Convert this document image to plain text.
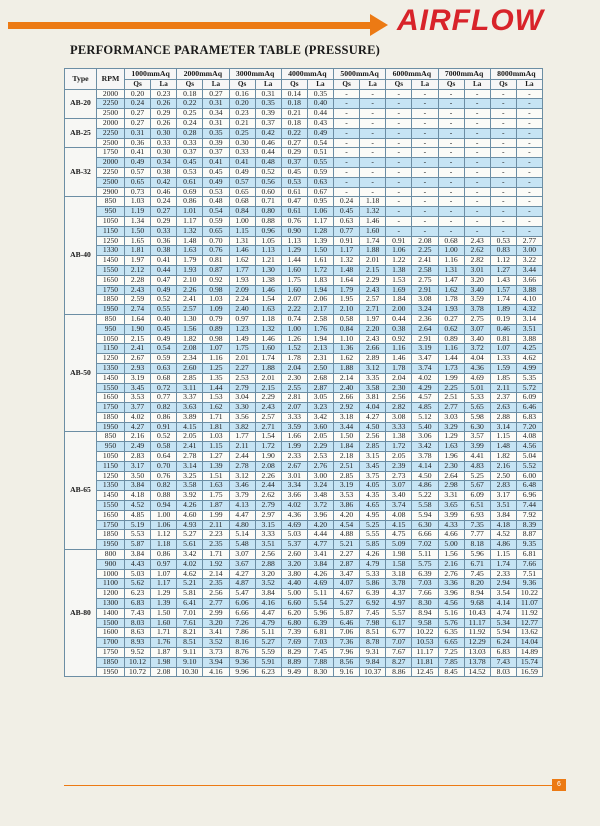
AIRFLOW
PERFORMANCE PARAMETER TABLE (PRESSURE)
Type	RPM	1000mmAq		2000mmAq		3000mmAq		4000mmAq		5000mmAq		6000mmAq		7000mmAq		8000mmAq	
		Qs	La	Qs	La	Qs	La	Qs	La	Qs	La	Qs	La	Qs	La	Qs	La
AB-20	2000	0.20	0.23	0.18	0.27	0.16	0.31	0.14	0.35	-	-	-	-	-	-	-	-
	2250	0.24	0.26	0.22	0.31	0.20	0.35	0.18	0.40	-	-	-	-	-	-	-	-
	2500	0.27	0.29	0.25	0.34	0.23	0.39	0.21	0.44	-	-	-	-	-	-	-	-
AB-25	2000	0.27	0.26	0.24	0.31	0.21	0.37	0.18	0.43	-	-	-	-	-	-	-	-
	2250	0.31	0.30	0.28	0.35	0.25	0.42	0.22	0.49	-	-	-	-	-	-	-	-
	2500	0.36	0.33	0.33	0.39	0.30	0.46	0.27	0.54	-	-	-	-	-	-	-	-
AB-32	1750	0.41	0.30	0.37	0.37	0.33	0.44	0.29	0.51	-	-	-	-	-	-	-	-
	2000	0.49	0.34	0.45	0.41	0.41	0.48	0.37	0.55	-	-	-	-	-	-	-	-
	2250	0.57	0.38	0.53	0.45	0.49	0.52	0.45	0.59	-	-	-	-	-	-	-	-
	2500	0.65	0.42	0.61	0.49	0.57	0.56	0.53	0.63	-	-	-	-	-	-	-	-
	2900	0.73	0.46	0.69	0.53	0.65	0.60	0.61	0.67	-	-	-	-	-	-	-	-
AB-40	850	1.03	0.24	0.86	0.48	0.68	0.71	0.47	0.95	0.24	1.18	-	-	-	-	-	-
	950	1.19	0.27	1.01	0.54	0.84	0.80	0.61	1.06	0.45	1.32	-	-	-	-	-	-
	1050	1.34	0.29	1.17	0.59	1.00	0.88	0.76	1.17	0.63	1.46	-	-	-	-	-	-
	1150	1.50	0.33	1.32	0.65	1.15	0.96	0.90	1.28	0.77	1.60	-	-	-	-	-	-
	1250	1.65	0.36	1.48	0.70	1.31	1.05	1.13	1.39	0.91	1.74	0.91	2.08	0.68	2.43	0.53	2.77
	1330	1.81	0.38	1.63	0.76	1.46	1.13	1.29	1.50	1.17	1.88	1.06	2.25	1.00	2.62	0.83	3.00
	1450	1.97	0.41	1.79	0.81	1.62	1.21	1.44	1.61	1.32	2.01	1.22	2.41	1.16	2.82	1.12	3.22
	1550	2.12	0.44	1.93	0.87	1.77	1.30	1.60	1.72	1.48	2.15	1.38	2.58	1.31	3.01	1.27	3.44
	1650	2.28	0.47	2.10	0.92	1.93	1.38	1.75	1.83	1.64	2.29	1.53	2.75	1.47	3.20	1.43	3.66
	1750	2.43	0.49	2.26	0.98	2.09	1.46	1.60	1.94	1.79	2.43	1.69	2.91	1.62	3.40	1.57	3.88
	1850	2.59	0.52	2.41	1.03	2.24	1.54	2.07	2.06	1.95	2.57	1.84	3.08	1.78	3.59	1.74	4.10
	1950	2.74	0.55	2.57	1.09	2.40	1.63	2.22	2.17	2.10	2.71	2.00	3.24	1.93	3.78	1.89	4.32
AB-50	850	1.64	0.40	1.30	0.79	0.97	1.18	0.74	2.58	0.58	1.97	0.44	2.36	0.27	2.75	0.19	3.14
	950	1.90	0.45	1.56	0.89	1.23	1.32	1.00	1.76	0.84	2.20	0.38	2.64	0.62	3.07	0.46	3.51
	1050	2.15	0.49	1.82	0.98	1.49	1.46	1.26	1.94	1.10	2.43	0.92	2.91	0.89	3.40	0.81	3.88
	1150	2.41	0.54	2.08	1.07	1.75	1.60	1.52	2.13	1.36	2.66	1.16	3.19	1.16	3.72	1.07	4.25
	1250	2.67	0.59	2.34	1.16	2.01	1.74	1.78	2.31	1.62	2.89	1.46	3.47	1.44	4.04	1.33	4.62
	1350	2.93	0.63	2.60	1.25	2.27	1.88	2.04	2.50	1.88	3.12	1.78	3.74	1.73	4.36	1.59	4.99
	1450	3.19	0.68	2.85	1.35	2.53	2.01	2.30	2.68	2.14	3.35	2.04	4.02	1.99	4.69	1.85	5.35
	1550	3.45	0.72	3.11	1.44	2.79	2.15	2.55	2.87	2.40	3.58	2.30	4.29	2.25	5.01	2.11	5.72
	1650	3.53	0.77	3.37	1.53	3.04	2.29	2.81	3.05	2.66	3.81	2.56	4.57	2.51	5.33	2.37	6.09
	1750	3.77	0.82	3.63	1.62	3.30	2.43	2.07	3.23	2.92	4.04	2.82	4.85	2.77	5.65	2.63	6.46
	1850	4.02	0.86	3.89	1.71	3.56	2.57	3.33	3.42	3.18	4.27	3.08	5.12	3.03	5.98	2.88	6.83
	1950	4.27	0.91	4.15	1.81	3.82	2.71	3.59	3.60	3.44	4.50	3.33	5.40	3.29	6.30	3.14	7.20
AB-65	850	2.16	0.52	2.05	1.03	1.77	1.54	1.66	2.05	1.50	2.56	1.38	3.06	1.29	3.57	1.15	4.08
	950	2.49	0.58	2.41	1.15	2.11	1.72	1.99	2.29	1.84	2.85	1.72	3.42	1.63	3.99	1.48	4.56
	1050	2.83	0.64	2.78	1.27	2.44	1.90	2.33	2.53	2.18	3.15	2.05	3.78	1.96	4.41	1.82	5.04
	1150	3.17	0.70	3.14	1.39	2.78	2.08	2.67	2.76	2.51	3.45	2.39	4.14	2.30	4.83	2.16	5.52
	1250	3.50	0.76	3.25	1.51	3.12	2.26	3.01	3.00	2.85	3.75	2.73	4.50	2.64	5.25	2.50	6.00
	1350	3.84	0.82	3.58	1.63	3.46	2.44	3.34	3.24	3.19	4.05	3.07	4.86	2.98	5.67	2.83	6.48
	1450	4.18	0.88	3.92	1.75	3.79	2.62	3.66	3.48	3.53	4.35	3.40	5.22	3.31	6.09	3.17	6.96
	1550	4.52	0.94	4.26	1.87	4.13	2.79	4.02	3.72	3.86	4.65	3.74	5.58	3.65	6.51	3.51	7.44
	1650	4.85	1.00	4.60	1.99	4.47	2.97	4.36	3.96	4.20	4.95	4.08	5.94	3.99	6.93	3.84	7.92
	1750	5.19	1.06	4.93	2.11	4.80	3.15	4.69	4.20	4.54	5.25	4.15	6.30	4.33	7.35	4.18	8.39
	1850	5.53	1.12	5.27	2.23	5.14	3.33	5.03	4.44	4.88	5.55	4.75	6.66	4.66	7.77	4.52	8.87
	1950	5.87	1.18	5.61	2.35	5.48	3.51	5.37	4.77	5.21	5.85	5.09	7.02	5.00	8.18	4.86	9.35
AB-80	800	3.84	0.86	3.42	1.71	3.07	2.56	2.60	3.41	2.27	4.26	1.98	5.11	1.56	5.96	1.15	6.81
	900	4.43	0.97	4.02	1.92	3.67	2.88	3.20	3.84	2.87	4.79	1.58	5.75	2.16	6.71	1.74	7.66
	1000	5.03	1.07	4.62	2.14	4.27	3.20	3.80	4.26	3.47	5.33	3.18	6.39	2.76	7.45	2.33	7.51
	1100	5.62	1.17	5.21	2.35	4.87	3.52	4.40	4.69	4.07	5.86	3.78	7.03	3.36	8.20	2.94	9.36
	1200	6.23	1.29	5.81	2.56	5.47	3.84	5.00	5.11	4.67	6.39	4.37	7.66	3.96	8.94	3.54	10.22
	1300	6.83	1.39	6.41	2.77	6.06	4.16	6.60	5.54	5.27	6.92	4.97	8.30	4.56	9.68	4.14	11.07
	1400	7.43	1.50	7.01	2.99	6.66	4.47	6.20	5.96	5.87	7.45	5.57	8.94	5.16	10.43	4.74	11.92
	1500	8.03	1.60	7.61	3.20	7.26	4.79	6.80	6.39	6.46	7.98	6.17	9.58	5.76	11.17	5.34	12.77
	1600	8.63	1.71	8.21	3.41	7.86	5.11	7.39	6.81	7.06	8.51	6.77	10.22	6.35	11.92	5.94	13.62
	1700	8.93	1.76	8.51	3.52	8.16	5.27	7.69	7.03	7.36	8.78	7.07	10.53	6.65	12.29	6.24	14.04
	1750	9.52	1.87	9.11	3.73	8.76	5.59	8.29	7.45	7.96	9.31	7.67	11.17	7.25	13.03	6.83	14.89
	1850	10.12	1.98	9.10	3.94	9.36	5.91	8.89	7.88	8.56	9.84	8.27	11.81	7.85	13.78	7.43	15.74
	1950	10.72	2.08	10.30	4.16	9.96	6.23	9.49	8.30	9.16	10.37	8.86	12.45	8.45	14.52	8.03	16.59
6
